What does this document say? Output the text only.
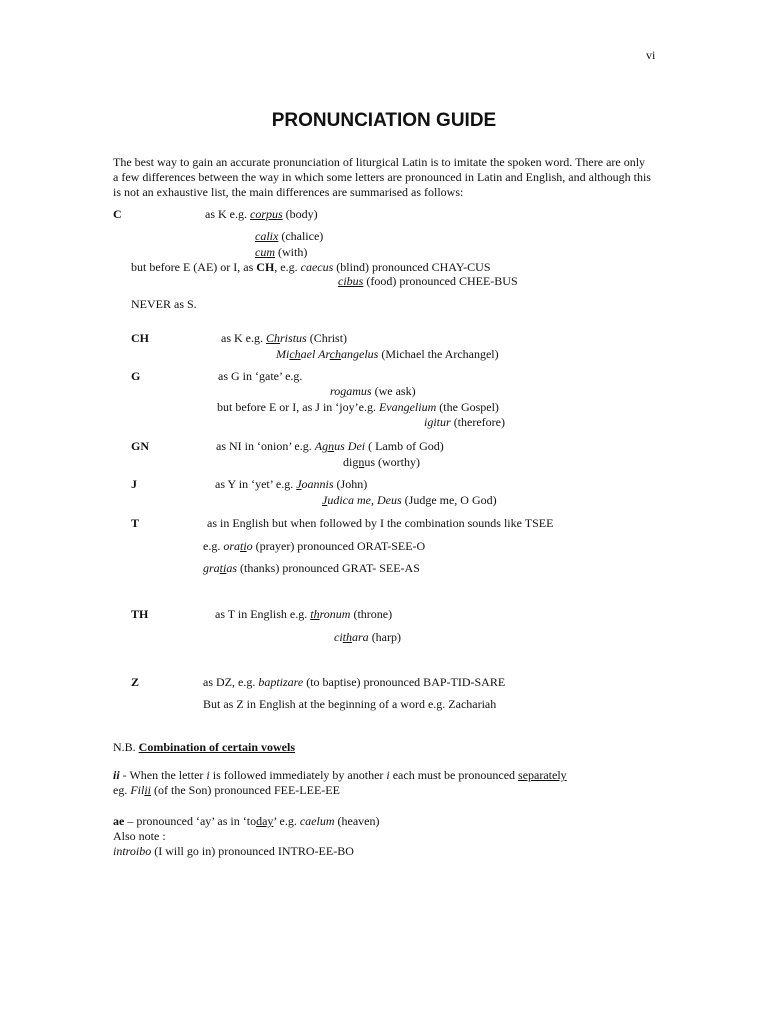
vi
PRONUNCIATION GUIDE
The best way to gain an accurate pronunciation of liturgical Latin is to imitate the spoken word. There are only a few differences between the way in which some letters are pronounced in Latin and English, and although this is not an exhaustive list, the main differences are summarised as follows:
C	as K e.g. corpus (body)
calix (chalice)
cum (with)
but before E (AE) or I, as CH, e.g. caecus (blind) pronounced CHAY-CUS
cibus (food) pronounced CHEE-BUS
NEVER as S.
CH	as K e.g. Christus (Christ)
Michael Archangelus (Michael the Archangel)
G	as G in ‘gate’ e.g.
rogamus (we ask)
but before E or I, as J in ‘joy’e.g. Evangelium (the Gospel)
igitur (therefore)
GN	as NI in ‘onion’ e.g. Agnus Dei ( Lamb of God)
dignus (worthy)
J	as Y in ‘yet’ e.g. Joannis (John)
Judica me, Deus (Judge me, O God)
T	as in English but when followed by I the combination sounds like TSEE
e.g. oratio (prayer) pronounced ORAT-SEE-O
gratias (thanks) pronounced GRAT- SEE-AS
TH	as T in English e.g. thronum (throne)
cithara (harp)
Z	as DZ, e.g. baptizare (to baptise) pronounced BAP-TID-SARE
But as Z in English at the beginning of a word e.g. Zachariah
N.B. Combination of certain vowels
ii - When the letter i is followed immediately by another i each must be pronounced separately
eg. Filii (of the Son) pronounced FEE-LEE-EE
ae – pronounced ‘ay’ as in ‘today’ e.g. caelum (heaven)
Also note :
introibo (I will go in) pronounced INTRO-EE-BO
